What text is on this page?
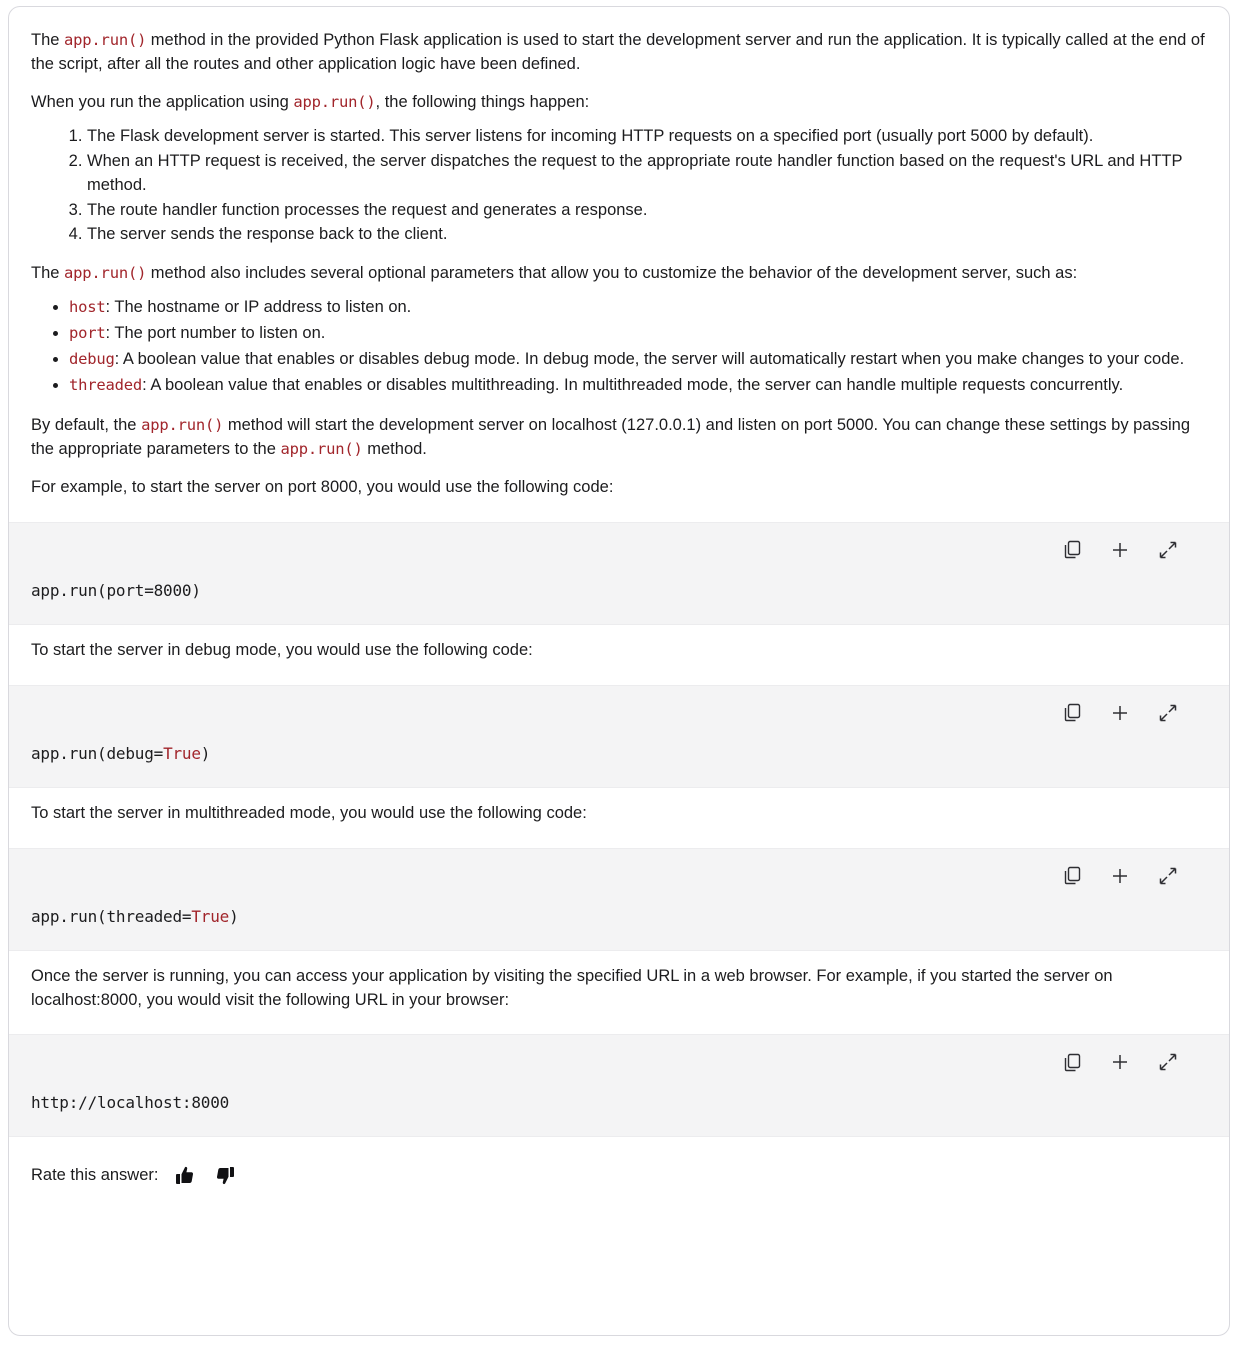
The app.run() method in the provided Python Flask application is used to start the development server and run the application. It is typically called at the end of the script, after all the routes and other application logic have been defined.

When you run the application using app.run(), the following things happen:

1. The Flask development server is started. This server listens for incoming HTTP requests on a specified port (usually port 5000 by default).
2. When an HTTP request is received, the server dispatches the request to the appropriate route handler function based on the request's URL and HTTP method.
3. The route handler function processes the request and generates a response.
4. The server sends the response back to the client.

The app.run() method also includes several optional parameters that allow you to customize the behavior of the development server, such as:

• host: The hostname or IP address to listen on.
• port: The port number to listen on.
• debug: A boolean value that enables or disables debug mode. In debug mode, the server will automatically restart when you make changes to your code.
• threaded: A boolean value that enables or disables multithreading. In multithreaded mode, the server can handle multiple requests concurrently.

By default, the app.run() method will start the development server on localhost (127.0.0.1) and listen on port 5000. You can change these settings by passing the appropriate parameters to the app.run() method.

For example, to start the server on port 8000, you would use the following code:

app.run(port=8000)

To start the server in debug mode, you would use the following code:

app.run(debug=True)

To start the server in multithreaded mode, you would use the following code:

app.run(threaded=True)

Once the server is running, you can access your application by visiting the specified URL in a web browser. For example, if you started the server on localhost:8000, you would visit the following URL in your browser:

http://localhost:8000
Rate this answer:
